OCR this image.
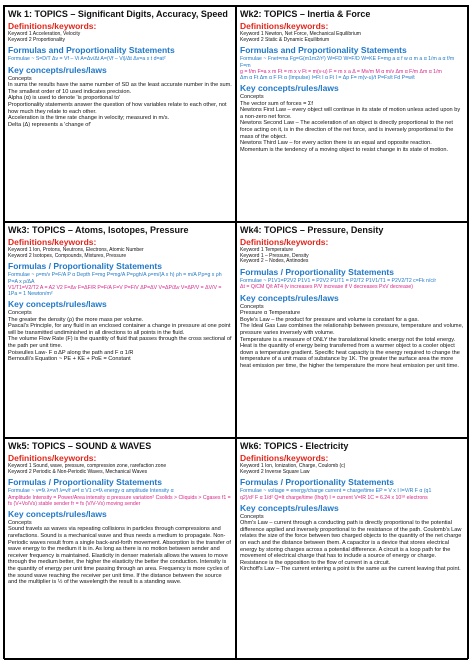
Wk 1: TOPICS – Significant Digits, Accuracy, Speed

Definitions/keywords:

Keyword 1 Acceleration, Velocity

Keyword 2 Proportionality

Formulas and Proportionality Statements

Formulae ~ S=D/T Δv = Vf – Vi A=Δv/Δt A=(Vf – Vi)/Δt Δv=a x t d=at²

Key concepts/rules/laws

Concepts

In sums the results have the same number of SD as the least accurate number in the sum.

The smallest order of 10 used indicates precision.

Alpha (α) is used to denote 'is proportional to'

Proportionality statements answer the question of how variables relate to each other, not how much they relate to each other.

Acceleration is the time rate change in velocity; measured in m/s.

Delta (Δ) represents a 'change of'

Wk2: TOPICS – Inertia & Force

Definitions/keywords:

Keyword 1 Newton, Net Force, Mechanical Equilibrium

Keyword 2 Static & Dynamic Equilibrium

Formulas and Proportionality Statements

Formulae ~ Fnet=ma Fg=G(m1m2/r²) W=FD W=F/D W=KE F=mg a α f w α m a α 1/m a α f/m F=m

g = f/m F=a x m Ft = m x v Ft = m(v-u) F = m x a Δ = Mv/m M α m/v Δm α F/m Δm α 1/m

Δm α Ft Δm α F Ft α (Impulse) I=Ft I α Ft I = Δp F= m(v-u)/t P=Fs/t Fd P=w/t

Key concepts/rules/laws

Concepts

The vector sum of forces = Σf

Newtons First Law – every object will continue in its state of motion unless acted upon by a non-zero net force.

Newtons Second Law – The acceleration of an object is directly proportional to the net force acting on it, is in the direction of the net force, and is inversely proportional to the mass of the object.

Newtons Third Law – for every action there is an equal and opposite reaction.

Momentum is the tendency of a moving object to resist change in its state of motion.

Wk3: TOPICS – Atoms, Isotopes, Pressure

Definitions/keywords:

Keyword 1 Ion, Protons, Neutrons, Electrons, Atomic Number

Keyword 2 Isotopes, Compounds, Mixtures, Pressure

Formulas / Proportionality Statements

Formulae ~ ρ=m/v P=F/A P α Depth F=mg P=mg/A P=ρgh/A ρ=m/(A x h) ρh = m/A Pρ=g x ρh P=A x ρ/ΔA

V1/T1=V2/T2 A = A2 V2 F=Δv F=ΔF/R P=F/A F=V P=F/V ΔP=ΔV V=ΔP/Δv V=ΔP/V = ΔV/V =

1Pa = 1 Newton/m²

Key concepts/rules/laws

Concepts

The greater the density (ρ) the more mass per volume.

Pascal's Principle, for any fluid in an enclosed container a change in pressure at one point will be transmitted undiminished in all directions to all points in the fluid.

The volume Flow Rate (F) is the quantity of fluid that passes through the cross sectional of the path per unit time.

Poiseulles Law- F α ΔP along the path and F α 1/R

Bernoulli's Equation ~ PE + KE + PoE = Constant

Wk4: TOPICS – Pressure, Density

Definitions/keywords:

Keyword 1 Temperature

Keyword 1 – Pressure, Density

Keyword 2 – Nodes, Antinodes

Formulas / Proportionality Statements

Formulae ~ P1V1=P2V2 P1V1 = P2V2 P1/T1 = P2/T2 P1V1/T1 = P2V2/T2 c=Fk n/c/r

Δt = Q/CM Q/t AT4 (v increases P/V increase if V decreases PxV decrease)

Key concepts/rules/laws

Concepts

Pressure α Temperature

Boyle's Law – the product for pressure and volume is constant for a gas.

The Ideal Gas Law combines the relationship between pressure, temperature and volume, pressure varies inversely with volume.

Temperature is a measure of ONLY the translational kinetic energy not the total energy. Heat is the quantity of energy being transferred from a warmer object to a cooler object down a temperature gradient. Specific heat capacity is the energy required to change the temperature of a unit mass of substance by 1K. The greater the surface area the more heat emission per time, the higher the temperature the more heat emission per unit time.

Wk5: TOPICS – SOUND & WAVES

Definitions/keywords:

Keyword 1 Sound, wave, pressure, compression zone, rarefaction zone

Keyword 2 Periodic & Non-Periodic Waves, Mechanical Waves

Formulas / Proportionality Statements

Formulae ~ v=fλ λ=v/f λ=v/f a=f α V1 c=fλ energy α amplitude Intensity α

Amplitude Intensity = Power/Area intensity α pressure variation² Csolids > Cliquids > Cgases f1 = fs (V+Vo/Vs) stable sender fr = fs (V/V-Vs) moving sender

Key concepts/rules/laws

Concepts

Sound travels as waves via repeating collisions in particles through compressions and rarefactions. Sound is a mechanical wave and thus needs a medium to propagate. Non-Periodic waves result from a single back-and-forth movement. Absorption is the transfer of wave energy to the medium it is in. As long as there is no motion between sender and receiver frequency is maintained. Elasticity in denser materials allows the waves to move through the medium better, the higher the elasticity the better the conduction. Intensity is the quantity of energy per unit time passing through an area. Frequency is more cycles of the sound wave reaching the receiver per unit time. If the distance between the source and the multiplier is ½ of the wavelength the result is a standing wave.

Wk6: TOPICS - Electricity

Definitions/keywords:

Keyword 1 Ion, Ionization, Charge, Coulomb (c)

Keyword 2 Inverse Square Law

Formulas / Proportionality Statements

Formulae ~ voltage = energy/charge current = charge/time EP = V x I I=V/R F α (q1

q2)/d² F α 1/d² Q=It charge/time (Ihq/t) I = current V=IR 1C = 6.24 x 10¹⁸ electrons

Key concepts/rules/laws

Concepts

Ohm's Law – current through a conducting path is directly proportional to the potential difference applied and inversely proportional to the resistance of the path. Coulomb's Law relates the size of the force between two charged objects to the quantity of the net charge on each and the distance between them. A capacitor is a device that stores electrical energy by storing charges across a potential difference. A circuit is a loop path for the movement of electrical charge that has to include a source of energy or charge. Resistance is the opposition to the flow of current in a circuit.

Kirchoff's Law – The current entering a point is the same as the current leaving that point.
